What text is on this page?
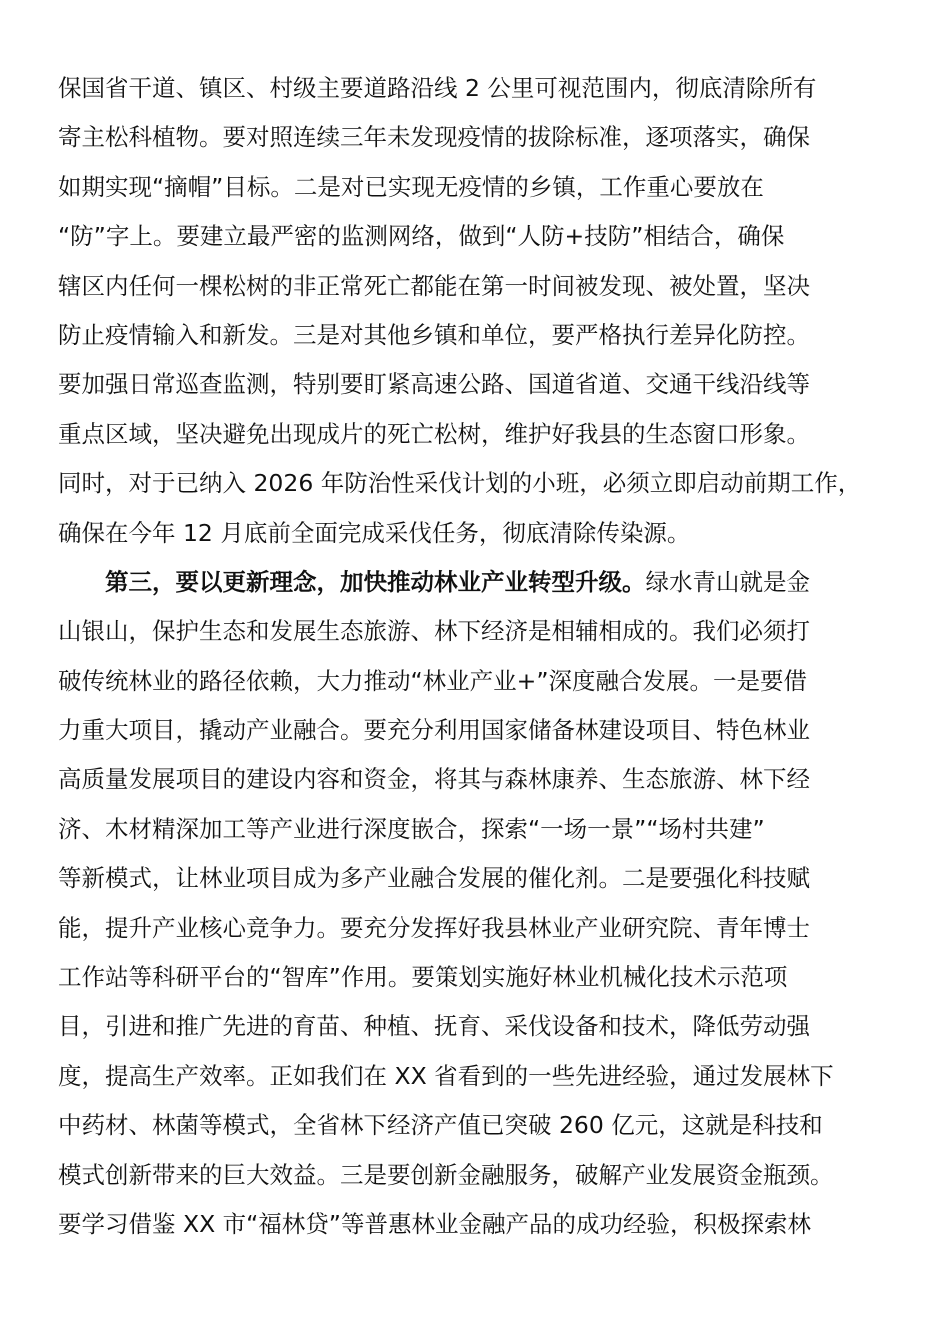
保国省干道、镇区、村级主要道路沿线 2 公里可视范围内，彻底清除所有
寄主松科植物。要对照连续三年未发现疫情的拔除标准，逐项落实，确保
如期实现“摘帽”目标。二是对已实现无疫情的乡镇，工作重心要放在
“防”字上。要建立最严密的监测网络，做到“人防+技防”相结合，确保
辖区内任何一棵松树的非正常死亡都能在第一时间被发现、被处置，坚决
防止疫情输入和新发。三是对其他乡镇和单位，要严格执行差异化防控。
要加强日常巡查监测，特别要盯紧高速公路、国道省道、交通干线沿线等
重点区域，坚决避免出现成片的死亡松树，维护好我县的生态窗口形象。
同时，对于已纳入 2026 年防治性采伐计划的小班，必须立即启动前期工作，
确保在今年 12 月底前全面完成采伐任务，彻底清除传染源。
第三，要以更新理念，加快推动林业产业转型升级。绿水青山就是金
山银山，保护生态和发展生态旅游、林下经济是相辅相成的。我们必须打
破传统林业的路径依赖，大力推动“林业产业+”深度融合发展。一是要借
力重大项目，撬动产业融合。要充分利用国家储备林建设项目、特色林业
高质量发展项目的建设内容和资金，将其与森林康养、生态旅游、林下经
济、木材精深加工等产业进行深度嵌合，探索“一场一景”“场村共建”
等新模式，让林业项目成为多产业融合发展的催化剂。二是要强化科技赋
能，提升产业核心竞争力。要充分发挥好我县林业产业研究院、青年博士
工作站等科研平台的“智库”作用。要策划实施好林业机械化技术示范项
目，引进和推广先进的育苗、种植、抚育、采伐设备和技术，降低劳动强
度，提高生产效率。正如我们在 XX 省看到的一些先进经验，通过发展林下
中药材、林菌等模式，全省林下经济产值已突破 260 亿元，这就是科技和
模式创新带来的巨大效益。三是要创新金融服务，破解产业发展资金瓶颈。
要学习借鉴 XX 市“福林贷”等普惠林业金融产品的成功经验，积极探索林
